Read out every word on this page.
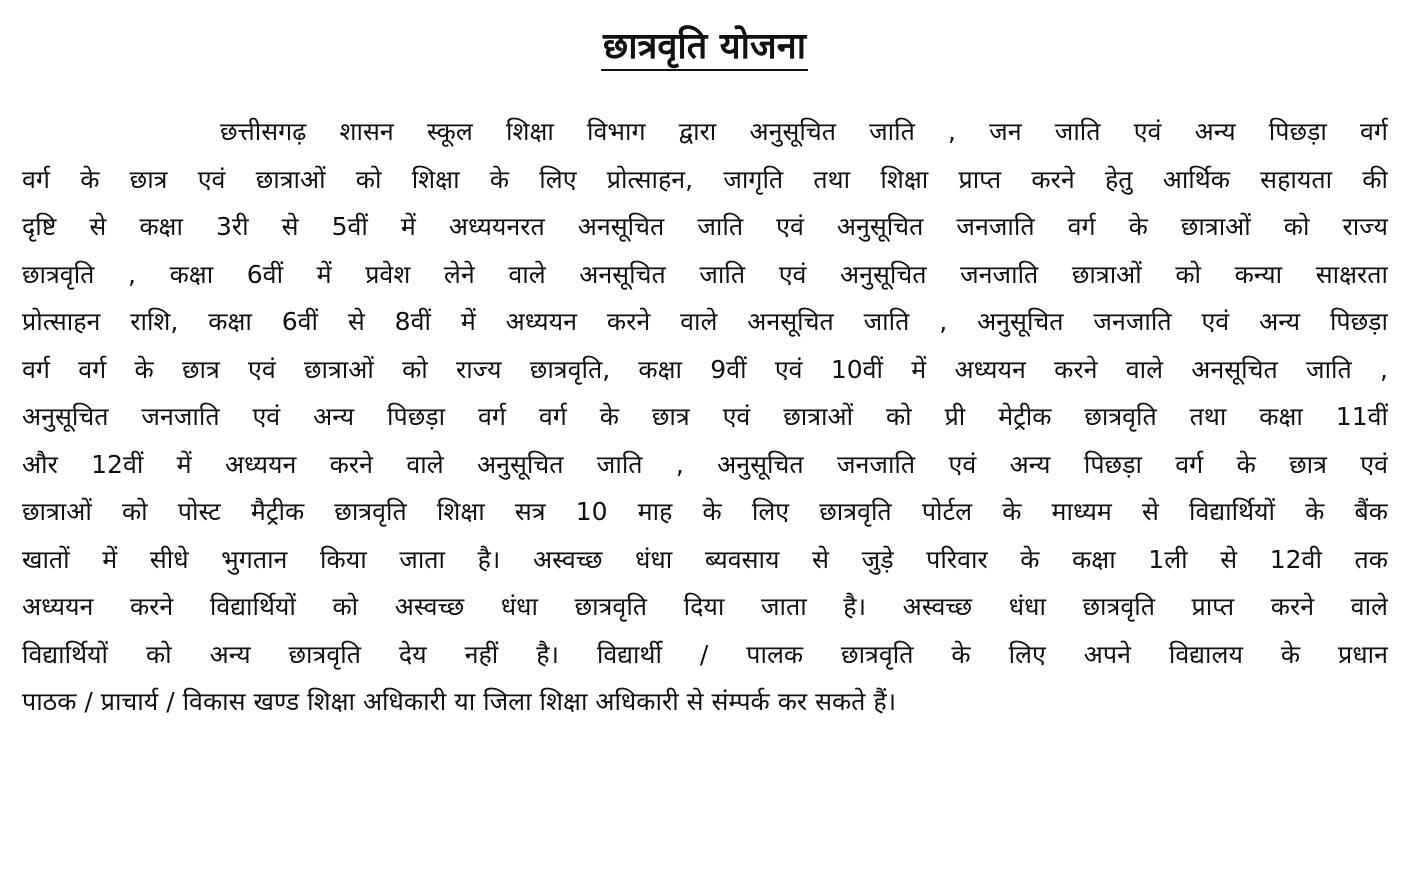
छात्रवृति योजना
छत्तीसगढ़ शासन स्कूल शिक्षा विभाग द्वारा अनुसूचित जाति , जन जाति एवं अन्य पिछड़ा वर्ग
वर्ग के छात्र एवं छात्राओं को शिक्षा के लिए प्रोत्साहन, जागृति तथा शिक्षा प्राप्त करने हेतु आर्थिक सहायता की
दृष्टि से कक्षा 3री से 5वीं में अध्ययनरत अनसूचित जाति एवं अनुसूचित जनजाति वर्ग के छात्राओं को राज्य
छात्रवृति , कक्षा 6वीं में प्रवेश लेने वाले अनसूचित जाति एवं अनुसूचित जनजाति छात्राओं को कन्या साक्षरता
प्रोत्साहन राशि, कक्षा 6वीं से 8वीं में अध्ययन करने वाले अनसूचित जाति , अनुसूचित जनजाति एवं अन्य पिछड़ा
वर्ग वर्ग के छात्र एवं छात्राओं को राज्य छात्रवृति, कक्षा 9वीं एवं 10वीं में अध्ययन करने वाले अनसूचित जाति ,
अनुसूचित जनजाति एवं अन्य पिछड़ा वर्ग वर्ग के छात्र एवं छात्राओं को प्री मेट्रीक छात्रवृति तथा कक्षा 11वीं
और 12वीं में अध्ययन करने वाले अनुसूचित जाति , अनुसूचित जनजाति एवं अन्य पिछड़ा वर्ग के छात्र एवं
छात्राओं को पोस्ट मैट्रीक छात्रवृति शिक्षा सत्र 10 माह के लिए छात्रवृति पोर्टल के माध्यम से विद्यार्थियों के बैंक
खातों में सीधे भुगतान किया जाता है। अस्वच्छ धंधा ब्यवसाय से जुड़े परिवार के कक्षा 1ली से 12वी तक
अध्ययन करने विद्यार्थियों को अस्वच्छ धंधा छात्रवृति दिया जाता है। अस्वच्छ धंधा छात्रवृति प्राप्त करने वाले
विद्यार्थियों को अन्य छात्रवृति देय नहीं है। विद्यार्थी / पालक छात्रवृति के लिए अपने विद्यालय के प्रधान
पाठक / प्राचार्य / विकास खण्ड शिक्षा अधिकारी या जिला शिक्षा अधिकारी से संम्पर्क कर सकते हैं।
